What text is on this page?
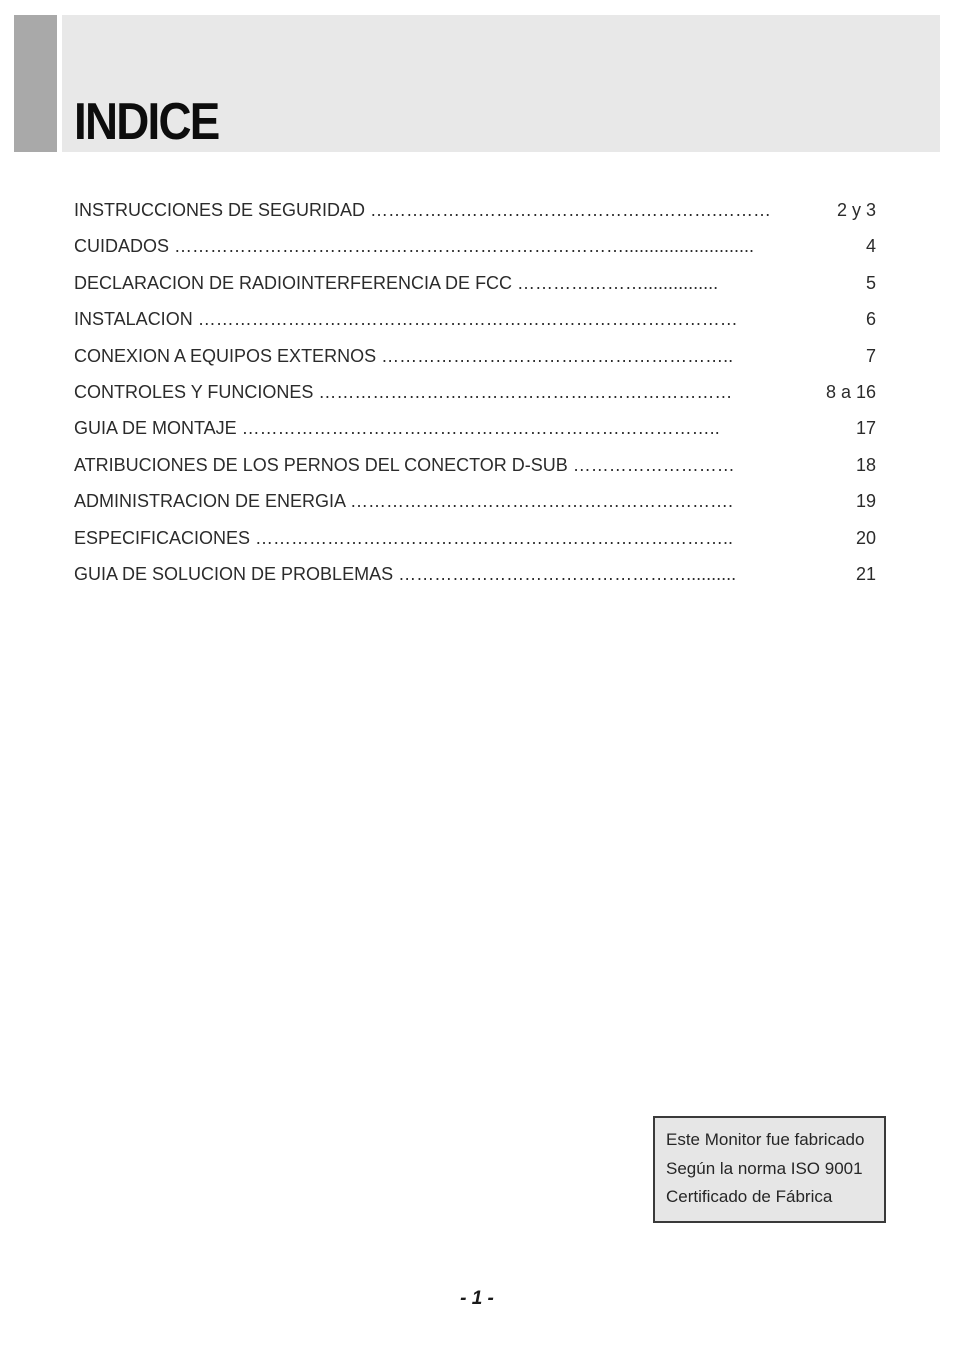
INDICE
INSTRUCCIONES DE SEGURIDAD ………………………………………………….………	2 y 3
CUIDADOS …………………………………………………………………..........................	4
DECLARACION DE RADIOINTERFERENCIA DE FCC …………………...............	5
INSTALACION ………………………………………………………………………………	6
CONEXION A EQUIPOS EXTERNOS …………………………………………………..	7
CONTROLES Y FUNCIONES ……………………………………………………………	8 a 16
GUIA DE MONTAJE ……………………………………………………………………..	17
ATRIBUCIONES DE LOS PERNOS DEL CONECTOR D-SUB ………………………	18
ADMINISTRACION DE ENERGIA ……………………………………………………….	19
ESPECIFICACIONES ……………………………………………………………………..	20
GUIA DE SOLUCION DE PROBLEMAS …………………………………………..........	21
Este Monitor fue fabricado
Según la norma ISO 9001
Certificado de Fábrica
- 1 -
